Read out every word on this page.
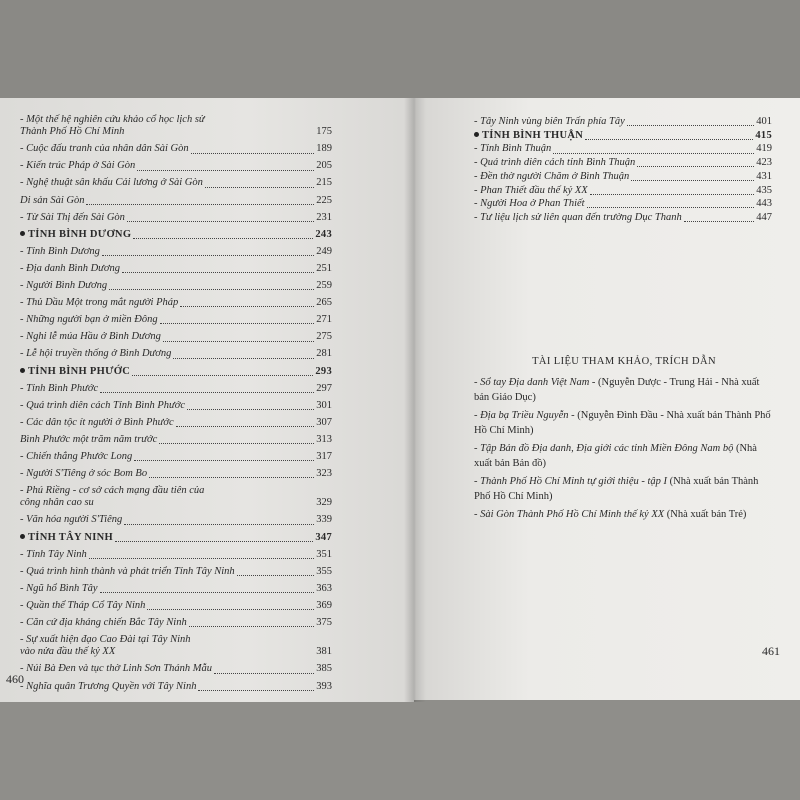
- Một thế hệ nghiên cứu khảo cổ học lịch sử
Thành Phố Hồ Chí Minh	175
- Cuộc đấu tranh của nhân dân Sài Gòn	189
- Kiến trúc Pháp ở Sài Gòn	205
- Nghệ thuật sân khấu Cải lương ở Sài Gòn	215
Di sản Sài Gòn	225
- Từ Sài Thị đến Sài Gòn	231
TỈNH BÌNH DƯƠNG	243
- Tỉnh Bình Dương	249
- Địa danh Bình Dương	251
- Người Bình Dương	259
- Thủ Dầu Một trong mắt người Pháp	265
- Những người bạn ở miền Đông	271
- Nghi lễ múa Hầu ở Bình Dương	275
- Lễ hội truyền thống ở Bình Dương	281
TỈNH BÌNH PHƯỚC	293
- Tỉnh Bình Phước	297
- Quá trình diên cách Tỉnh Bình Phước	301
- Các dân tộc ít người ở Bình Phước	307
Bình Phước một trăm năm trước	313
- Chiến thắng Phước Long	317
- Người S'Tiêng ở sóc Bom Bo	323
- Phú Riềng - cơ sở cách mạng đầu tiên của
công nhân cao su	329
- Văn hóa người S'Tiêng	339
TỈNH TÂY NINH	347
- Tỉnh Tây Ninh	351
- Quá trình hình thành và phát triển Tỉnh Tây Ninh	355
- Ngũ hổ Bình Tây	363
- Quần thể Tháp Cổ Tây Ninh	369
- Căn cứ địa kháng chiến Bắc Tây Ninh	375
- Sự xuất hiện đạo Cao Đài tại Tây Ninh
vào nửa đầu thế kỷ XX	381
- Núi Bà Đen và tục thờ Linh Sơn Thánh Mẫu	385
- Nghĩa quân Trương Quyền với Tây Ninh	393
460
- Tây Ninh vùng biên Trấn phía Tây	401
TỈNH BÌNH THUẬN	415
- Tỉnh Bình Thuận	419
- Quá trình diên cách tỉnh Bình Thuận	423
- Đền thờ người Chăm ở Bình Thuận	431
- Phan Thiết đầu thế kỷ XX	435
- Người Hoa ở Phan Thiết	443
- Tư liệu lịch sử liên quan đến trường Dục Thanh	447
TÀI LIỆU THAM KHẢO, TRÍCH DẪN
- Sổ tay Địa danh Việt Nam - (Nguyễn Dược - Trung Hải - Nhà xuất bản Giáo Dục)
- Địa bạ Triều Nguyễn - (Nguyễn Đình Đầu - Nhà xuất bản Thành Phố Hồ Chí Minh)
- Tập Bản đồ Địa danh, Địa giới các tỉnh Miền Đông Nam bộ (Nhà xuất bản Bản đồ)
- Thành Phố Hồ Chí Minh tự giới thiệu - tập I (Nhà xuất bản Thành Phố Hồ Chí Minh)
- Sài Gòn Thành Phố Hồ Chí Minh thế kỷ XX (Nhà xuất bản Trẻ)
461
